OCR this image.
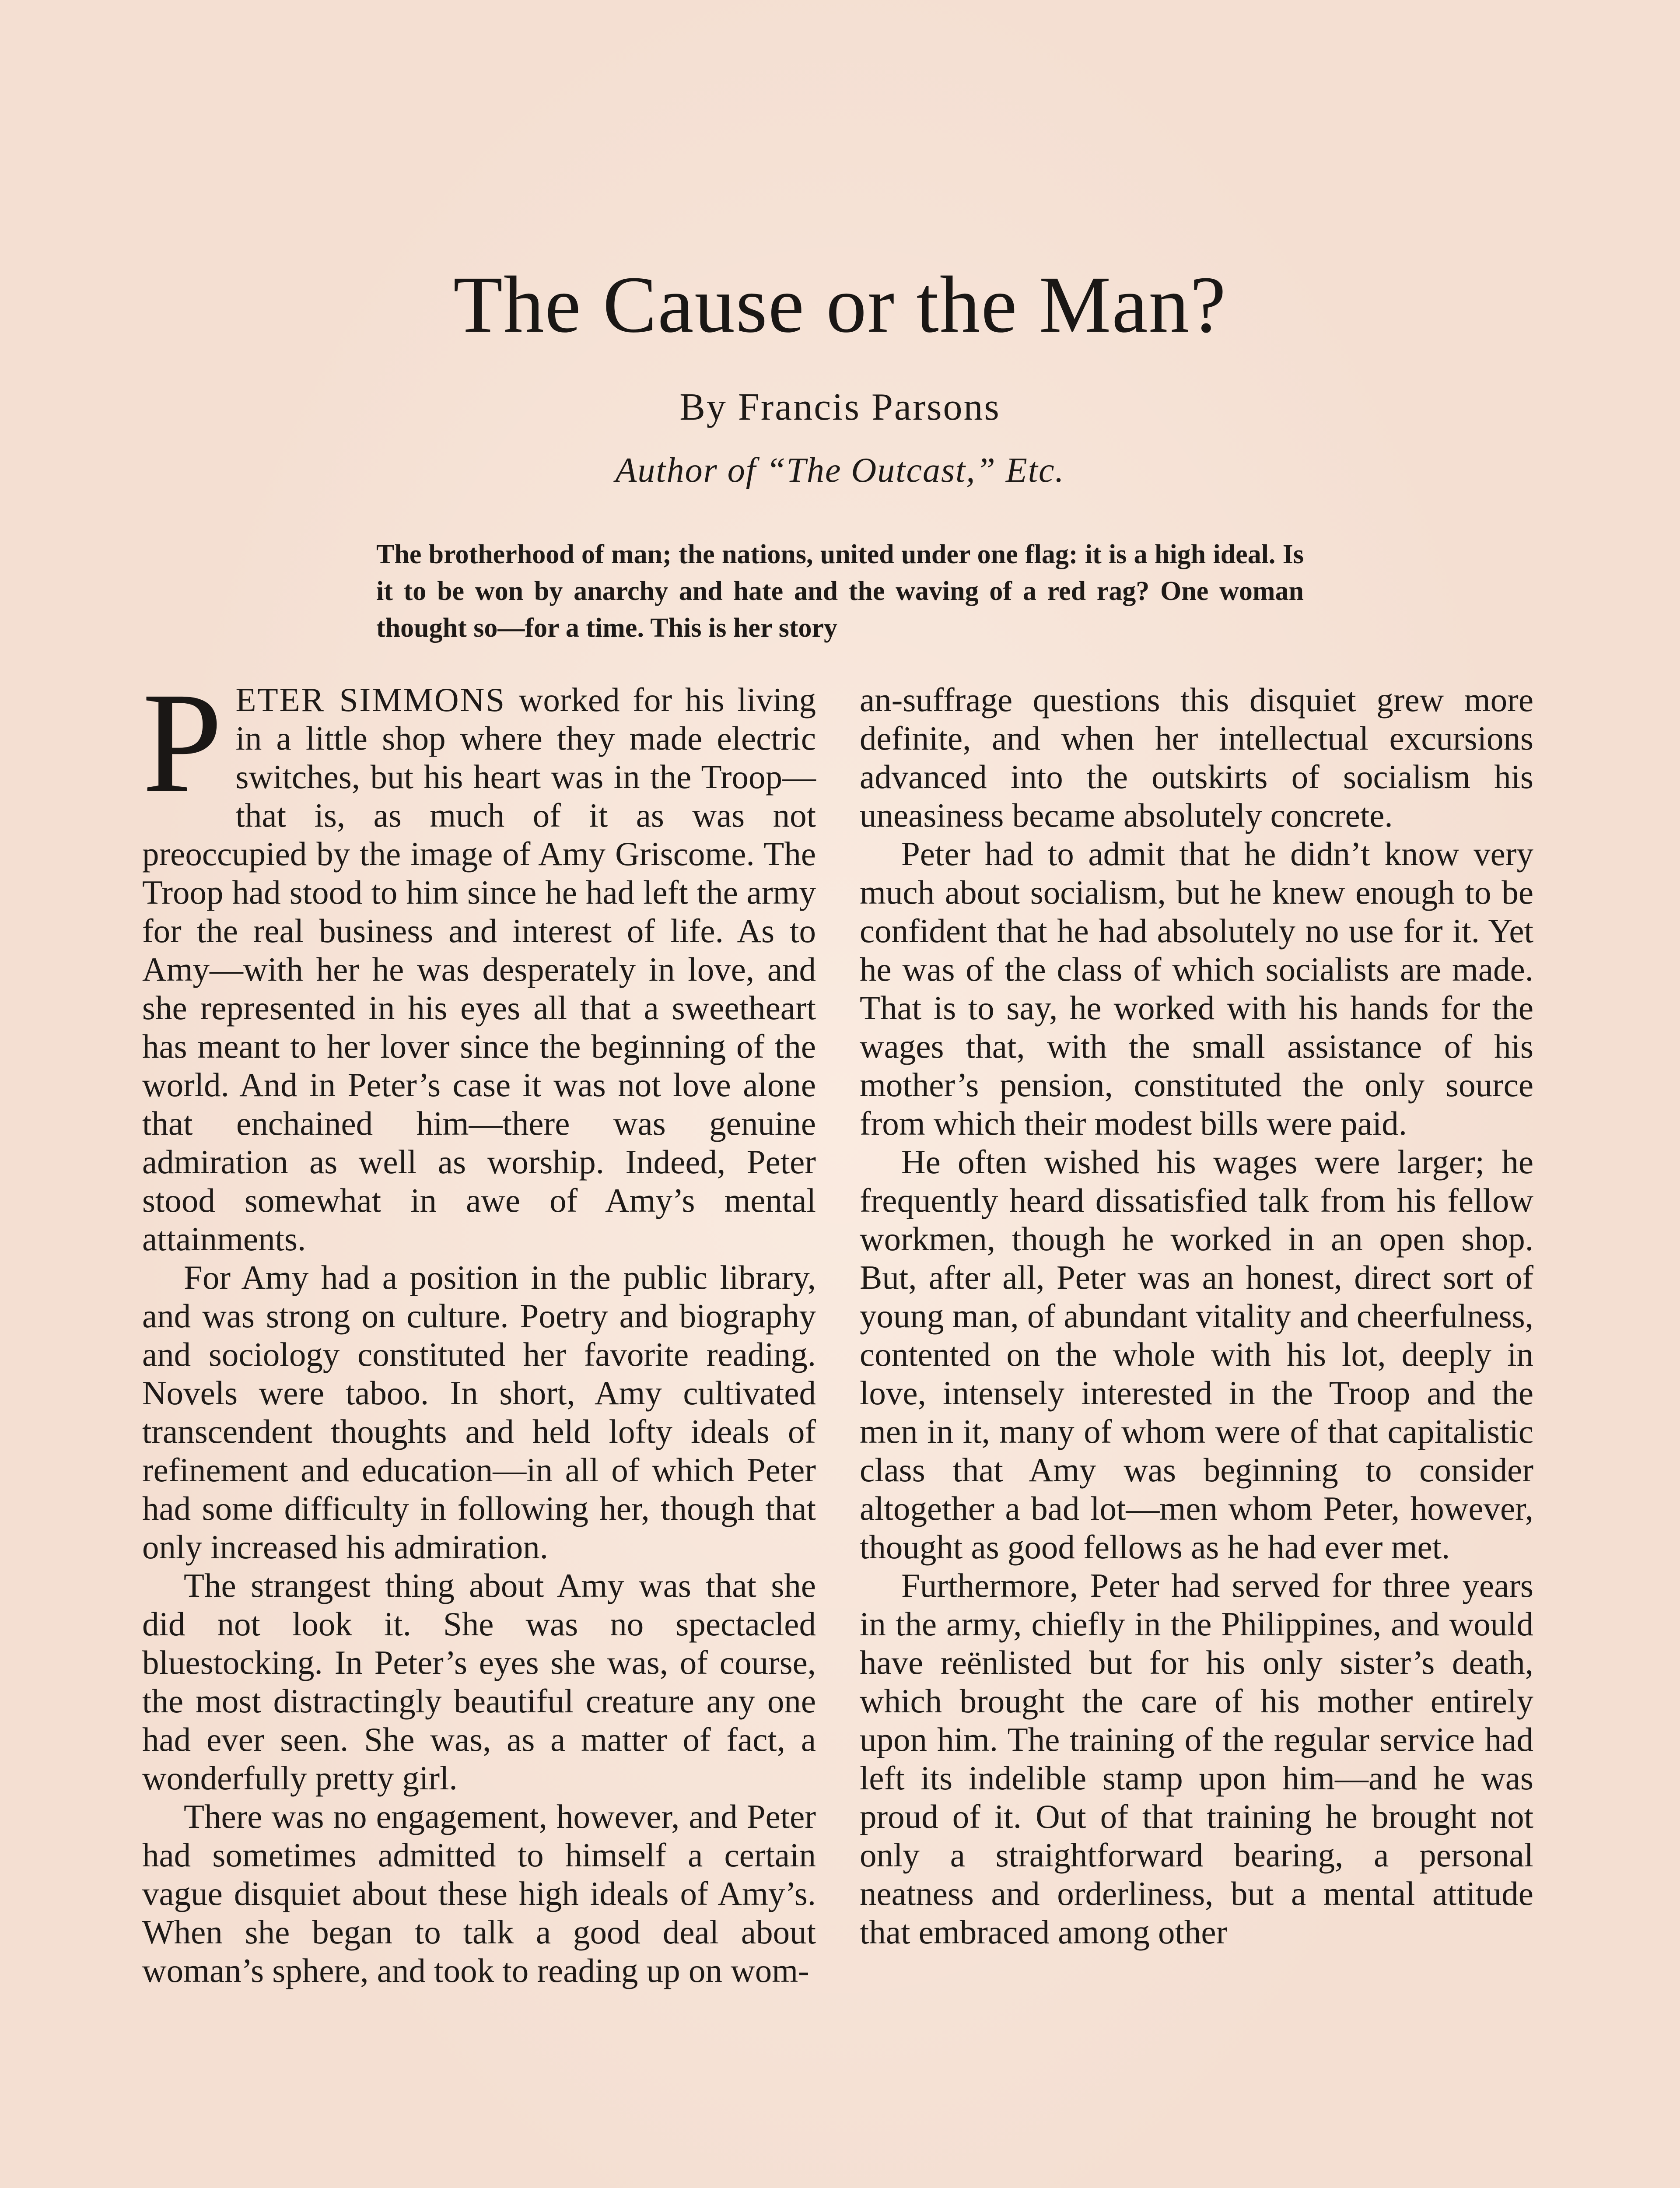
The Cause or the Man?
By Francis Parsons
Author of “The Outcast,” Etc.
The brotherhood of man; the nations, united under one flag: it is a high ideal. Is it to be won by anarchy and hate and the waving of a red rag? One woman thought so—for a time. This is her story

PETER SIMMONS worked for his living in a little shop where they made electric switches, but his heart was in the Troop—that is, as much of it as was not preoccupied by the image of Amy Griscome. The Troop had stood to him since he had left the army for the real business and interest of life. As to Amy—with her he was desperately in love, and she represented in his eyes all that a sweetheart has meant to her lover since the beginning of the world. And in Peter’s case it was not love alone that enchained him—there was genuine admiration as well as worship. Indeed, Peter stood somewhat in awe of Amy’s mental attainments.

For Amy had a position in the public library, and was strong on culture. Poetry and biography and sociology constituted her favorite reading. Novels were taboo. In short, Amy cultivated transcendent thoughts and held lofty ideals of refinement and education—in all of which Peter had some difficulty in following her, though that only increased his admiration.

The strangest thing about Amy was that she did not look it. She was no spectacled bluestocking. In Peter’s eyes she was, of course, the most distractingly beautiful creature any one had ever seen. She was, as a matter of fact, a wonderfully pretty girl.

There was no engagement, however, and Peter had sometimes admitted to himself a certain vague disquiet about these high ideals of Amy’s. When she began to talk a good deal about woman’s sphere, and took to reading up on wom-

an-suffrage questions this disquiet grew more definite, and when her intellectual excursions advanced into the outskirts of socialism his uneasiness became absolutely concrete.

Peter had to admit that he didn’t know very much about socialism, but he knew enough to be confident that he had absolutely no use for it. Yet he was of the class of which socialists are made. That is to say, he worked with his hands for the wages that, with the small assistance of his mother’s pension, constituted the only source from which their modest bills were paid.

He often wished his wages were larger; he frequently heard dissatisfied talk from his fellow workmen, though he worked in an open shop. But, after all, Peter was an honest, direct sort of young man, of abundant vitality and cheerfulness, contented on the whole with his lot, deeply in love, intensely interested in the Troop and the men in it, many of whom were of that capitalistic class that Amy was beginning to consider altogether a bad lot—men whom Peter, however, thought as good fellows as he had ever met.

Furthermore, Peter had served for three years in the army, chiefly in the Philippines, and would have reënlisted but for his only sister’s death, which brought the care of his mother entirely upon him. The training of the regular service had left its indelible stamp upon him—and he was proud of it. Out of that training he brought not only a straightforward bearing, a personal neatness and orderliness, but a mental attitude that embraced among other
